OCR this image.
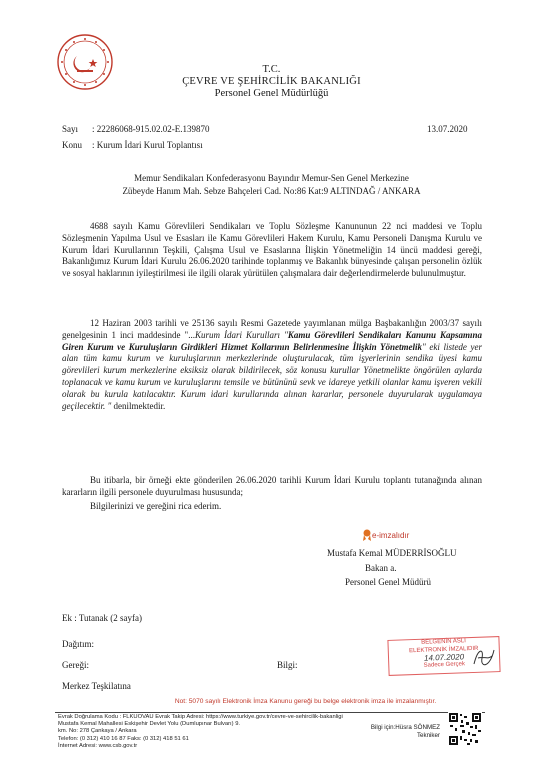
T.C.
ÇEVRE VE ŞEHİRCİLİK BAKANLIĞI
Personel Genel Müdürlüğü
Sayı : 22286068-915.02.02-E.139870	13.07.2020
Konu : Kurum İdari Kurul Toplantısı
Memur Sendikaları Konfederasyonu Bayındır Memur-Sen Genel Merkezine
Zübeyde Hanım Mah. Sebze Bahçeleri Cad. No:86 Kat:9 ALTINDAĞ / ANKARA
4688 sayılı Kamu Görevlileri Sendikaları ve Toplu Sözleşme Kanununun 22 nci maddesi ve Toplu Sözleşmenin Yapılma Usul ve Esasları ile Kamu Görevlileri Hakem Kurulu, Kamu Personeli Danışma Kurulu ve Kurum İdari Kurullarının Teşkili, Çalışma Usul ve Esaslarına İlişkin Yönetmeliğin 14 üncü maddesi gereği, Bakanlığımız Kurum İdari Kurulu 26.06.2020 tarihinde toplanmış ve Bakanlık bünyesinde çalışan personelin özlük ve sosyal haklarının iyileştirilmesi ile ilgili olarak yürütülen çalışmalara dair değerlendirmelerde bulunulmuştur.
12 Haziran 2003 tarihli ve 25136 sayılı Resmi Gazetede yayımlanan mülga Başbakanlığın 2003/37 sayılı genelgesinin 1 inci maddesinde "...Kurum İdari Kurulları "Kamu Görevlileri Sendikaları Kanunu Kapsamına Giren Kurum ve Kuruluşların Girdikleri Hizmet Kollarının Belirlenmesine İlişkin Yönetmelik" eki listede yer alan tüm kamu kurum ve kuruluşlarının merkezlerinde oluşturulacak, tüm işyerlerinin sendika üyesi kamu görevlileri kurum merkezlerine eksiksiz olarak bildirilecek, söz konusu kurullar Yönetmelikte öngörülen aylarda toplanacak ve kamu kurum ve kuruluşlarını temsile ve bütününü sevk ve idareye yetkili olanlar kamu işveren vekili olarak bu kurula katılacaktır. Kurum idari kurullarında alınan kararlar, personele duyurularak uygulamaya geçilecektir. " denilmektedir.
Bu itibarla, bir örneği ekte gönderilen 26.06.2020 tarihli Kurum İdari Kurulu toplantı tutanağında alınan kararların ilgili personele duyurulması hususunda;
Bilgilerinizi ve gereğini rica ederim.
e-imzalıdır
Mustafa Kemal MÜDERRİSOĞLU
Bakan a.
Personel Genel Müdürü
Ek : Tutanak (2 sayfa)
Dağıtım:
Gereği:	Bilgi:
Merkez Teşkilatına
BELGENİN ASLI
ELEKTRONİK İMZALIDIR
14.07.2020
Sadece Gerçek
Not: 5070 sayılı Elektronik İmza Kanunu gereği bu belge elektronik imza ile imzalanmıştır.
Evrak Doğrulama Kodu : FLKUOVAU Evrak Takip Adresi: https://www.turkiye.gov.tr/cevre-ve-sehircilik-bakanligi
Mustafa Kemal Mahallesi Eskişehir Devlet Yolu (Dumlupınar Bulvarı) 9.
km. No: 278 Çankaya / Ankara
Telefon: (0 312) 410 16 87 Faks: (0 312) 418 51 61
İnternet Adresi: www.csb.gov.tr
Bilgi için:Hüsra SÖNMEZ
Tekniker
